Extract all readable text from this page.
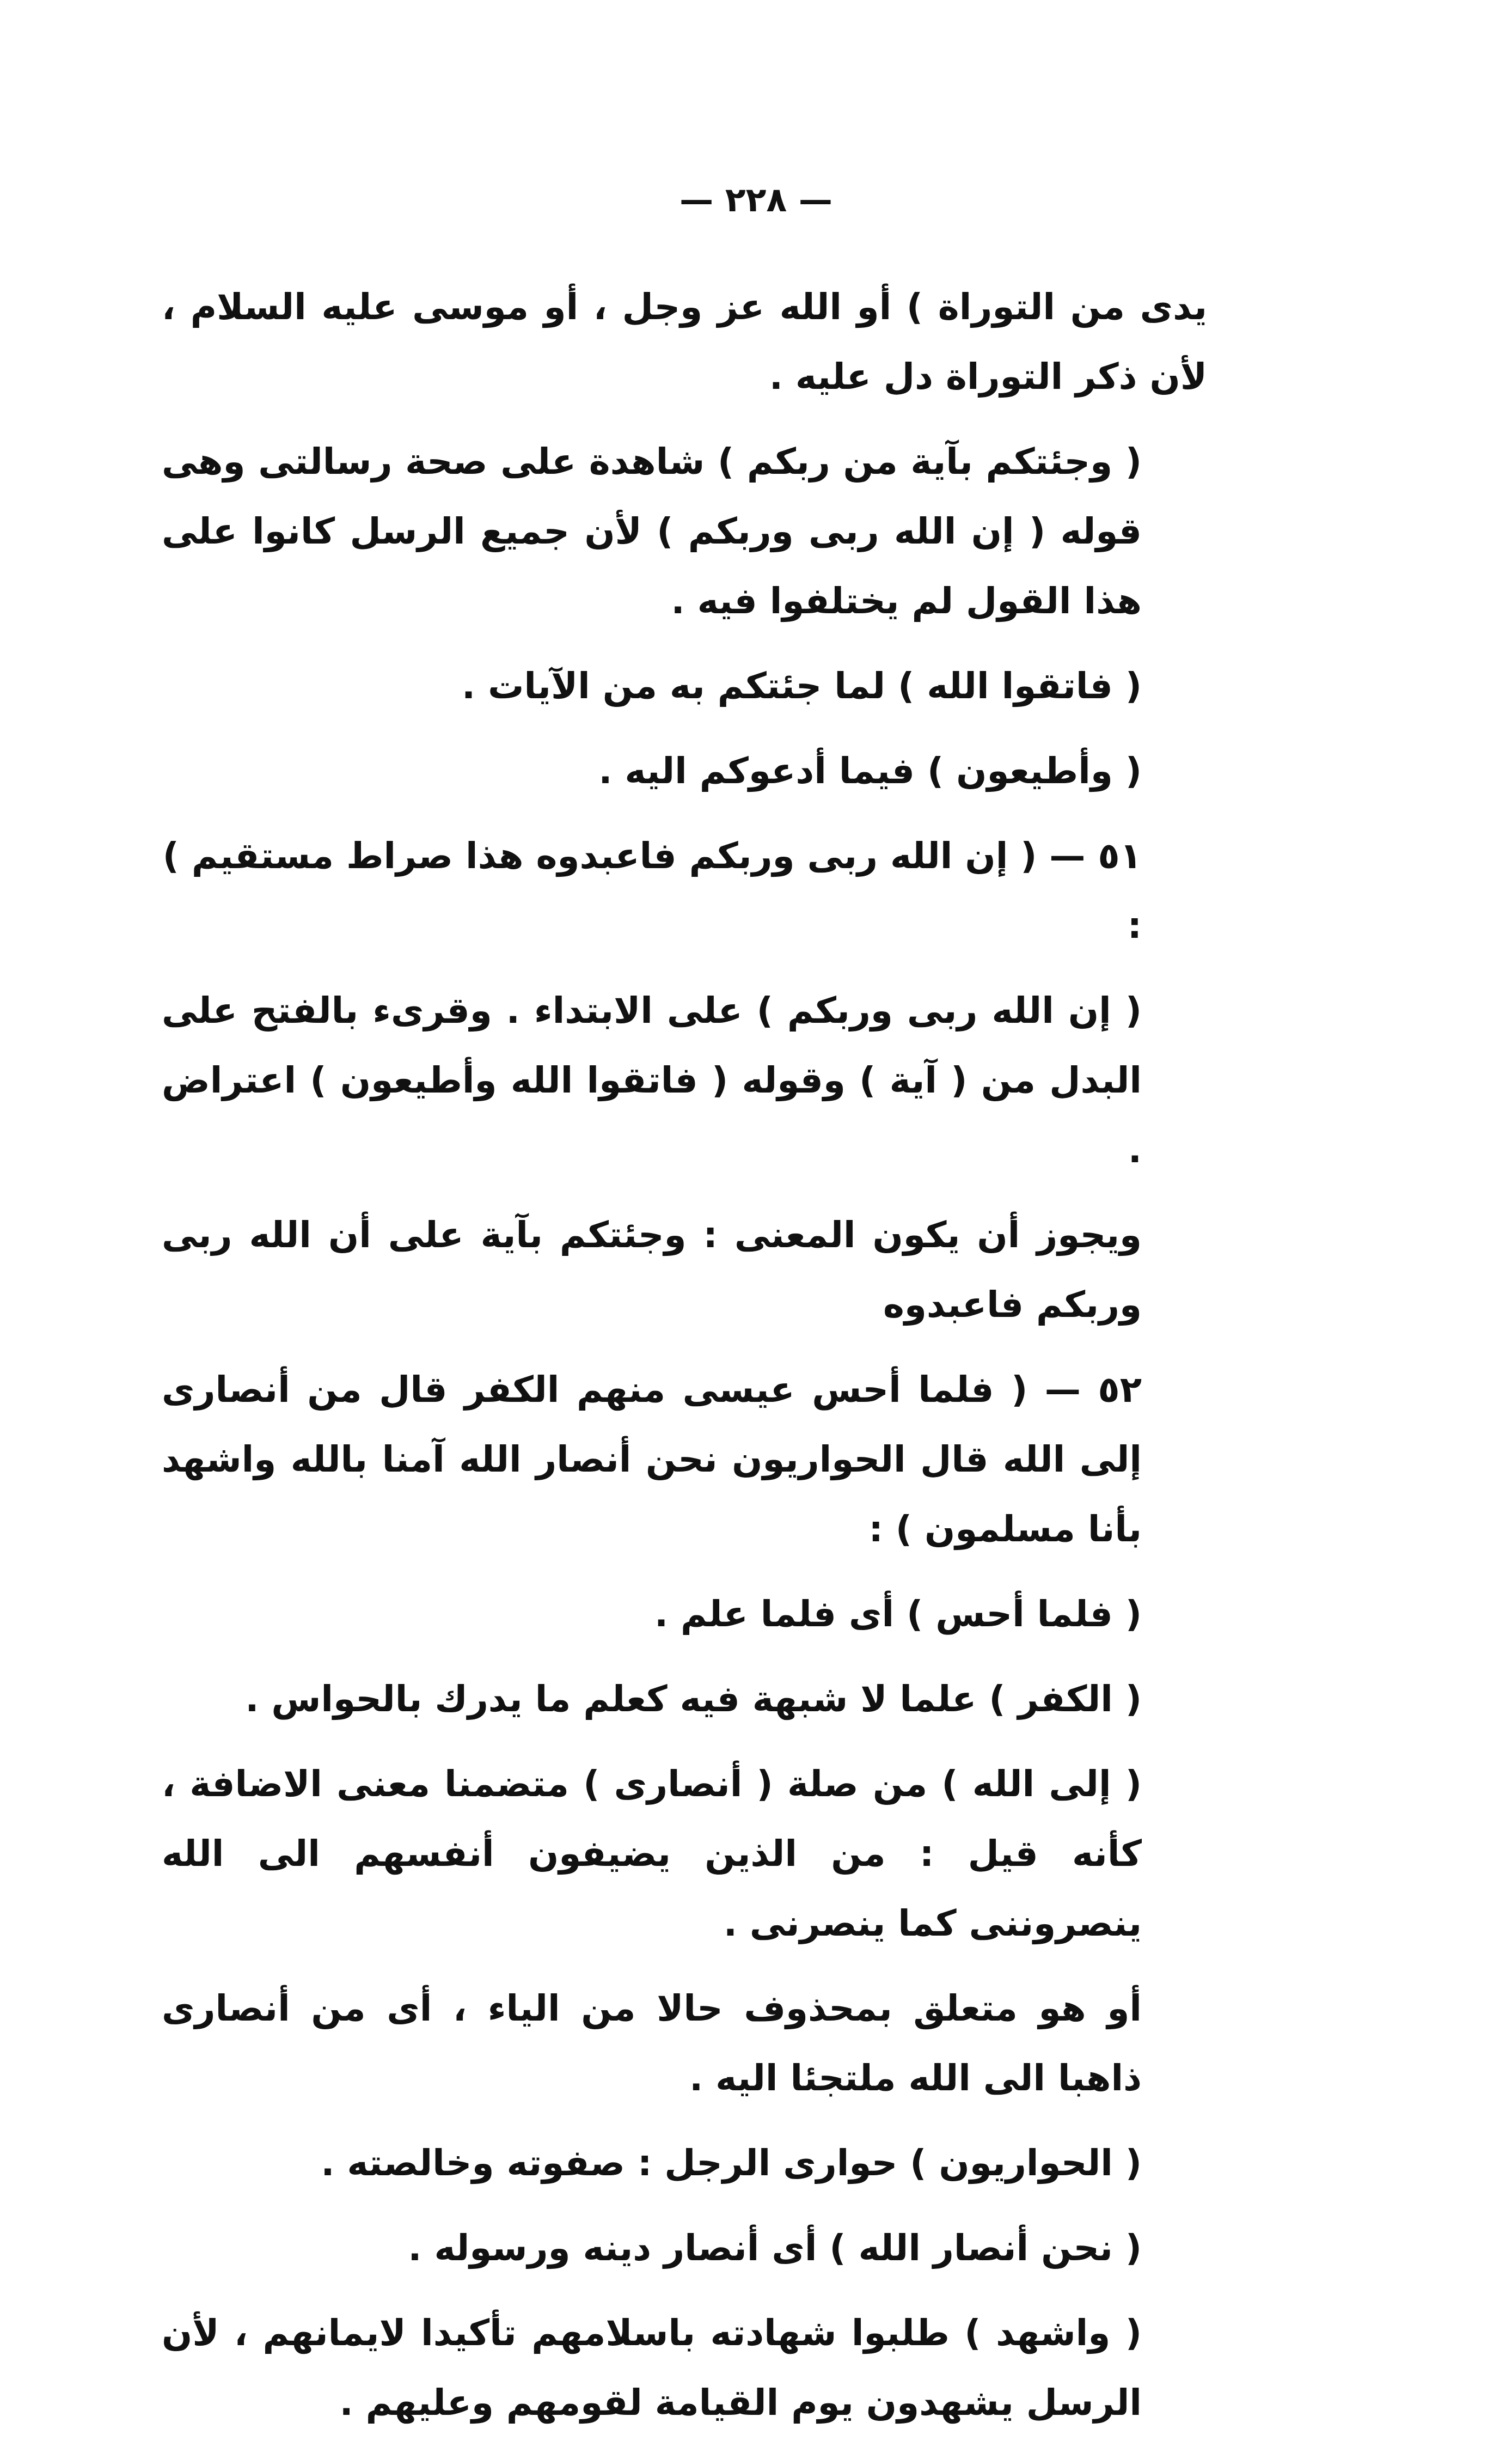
— ٢٢٨ —

يدى من التوراة ) أو الله عز وجل ، أو موسى عليه السلام ، لأن ذكر التوراة دل عليه .

( وجئتكم بآية من ربكم ) شاهدة على صحة رسالتى وهى قوله ( إن الله ربى وربكم ) لأن جميع الرسل كانوا على هذا القول لم يختلفوا فيه .

( فاتقوا الله ) لما جئتكم به من الآيات .

( وأطيعون ) فيما أدعوكم اليه .

٥١ — ( إن الله ربى وربكم فاعبدوه هذا صراط مستقيم ) :

( إن الله ربى وربكم ) على الابتداء . وقرىء بالفتح على البدل من ( آية ) وقوله ( فاتقوا الله وأطيعون ) اعتراض .

ويجوز أن يكون المعنى : وجئتكم بآية على أن الله ربى وربكم فاعبدوه

٥٢ — ( فلما أحس عيسى منهم الكفر قال من أنصارى إلى الله قال الحواريون نحن أنصار الله آمنا بالله واشهد بأنا مسلمون ) :

( فلما أحس ) أى فلما علم .

( الكفر ) علما لا شبهة فيه كعلم ما يدرك بالحواس .

( إلى الله ) من صلة ( أنصارى ) متضمنا معنى الاضافة ، كأنه قيل : من الذين يضيفون أنفسهم الى الله ينصروننى كما ينصرنى .

أو هو متعلق بمحذوف حالا من الياء ، أى من أنصارى ذاهبا الى الله ملتجئا اليه .

( الحواريون ) حوارى الرجل : صفوته وخالصته .

( نحن أنصار الله ) أى أنصار دينه ورسوله .

( واشهد ) طلبوا شهادته باسلامهم تأكيدا لايمانهم ، لأن الرسل يشهدون يوم القيامة لقومهم وعليهم .
